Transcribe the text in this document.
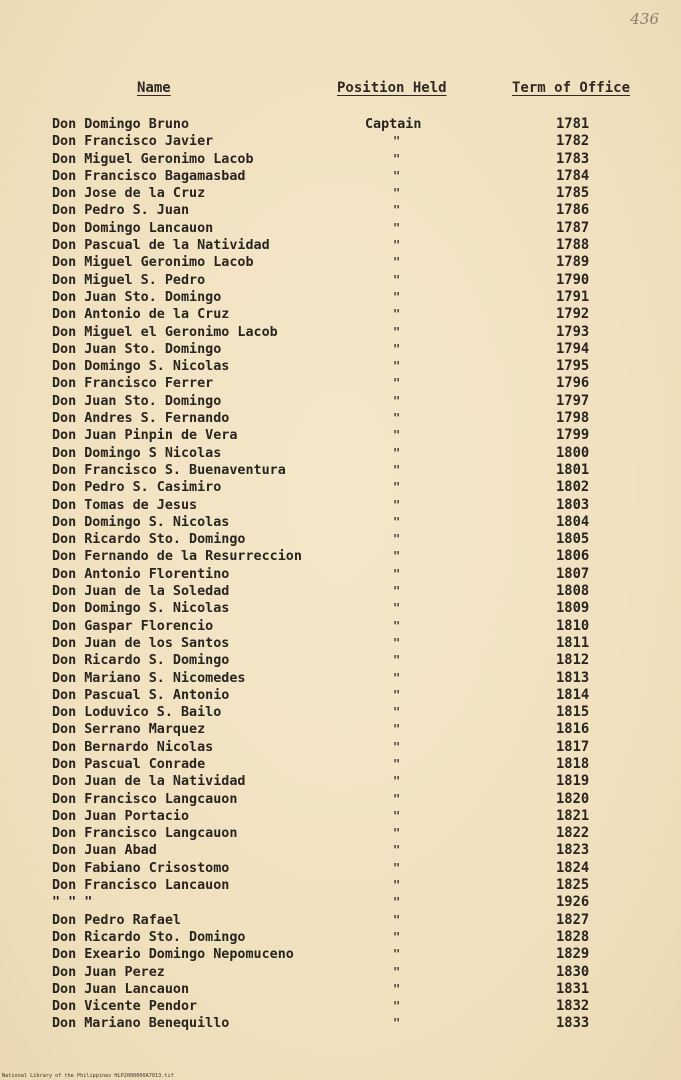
436
Name	Position Held	Term of Office
Don Domingo Bruno	Captain	1781
Don Francisco Javier	"	1782
Don Miguel Geronimo Lacob	"	1783
Don Francisco Bagamasbad	"	1784
Don Jose de la Cruz	"	1785
Don Pedro S. Juan	"	1786
Don Domingo Lancauon	"	1787
Don Pascual de la Natividad	"	1788
Don Miguel Geronimo Lacob	"	1789
Don Miguel S. Pedro	"	1790
Don Juan Sto. Domingo	"	1791
Don Antonio de la Cruz	"	1792
Don Miguel el Geronimo Lacob	"	1793
Don Juan Sto. Domingo	"	1794
Don Domingo S. Nicolas	"	1795
Don Francisco Ferrer	"	1796
Don Juan Sto. Domingo	"	1797
Don Andres S. Fernando	"	1798
Don Juan Pinpin de Vera	"	1799
Don Domingo S Nicolas	"	1800
Don Francisco S. Buenaventura	"	1801
Don Pedro S. Casimiro	"	1802
Don Tomas de Jesus	"	1803
Don Domingo S. Nicolas	"	1804
Don Ricardo Sto. Domingo	"	1805
Don Fernando de la Resurreccion	"	1806
Don Antonio Florentino	"	1807
Don Juan de la Soledad	"	1808
Don Domingo S. Nicolas	"	1809
Don Gaspar Florencio	"	1810
Don Juan de los Santos	"	1811
Don Ricardo S. Domingo	"	1812
Don Mariano S. Nicomedes	"	1813
Don Pascual S. Antonio	"	1814
Don Loduvico S. Bailo	"	1815
Don Serrano Marquez	"	1816
Don Bernardo Nicolas	"	1817
Don Pascual Conrade	"	1818
Don Juan de la Natividad	"	1819
Don Francisco Langcauon	"	1820
Don Juan Portacio	"	1821
Don Francisco Langcauon	"	1822
Don Juan Abad	"	1823
Don Fabiano Crisostomo	"	1824
Don Francisco Lancauon	"	1825
" " "	"	1926
Don Pedro Rafael	"	1827
Don Ricardo Sto. Domingo	"	1828
Don Exeario Domingo Nepomuceno	"	1829
Don Juan Perez	"	1830
Don Juan Lancauon	"	1831
Don Vicente Pendor	"	1832
Don Mariano Benequillo	"	1833
National Library of the Philippines HLP2000000A7013.tif
